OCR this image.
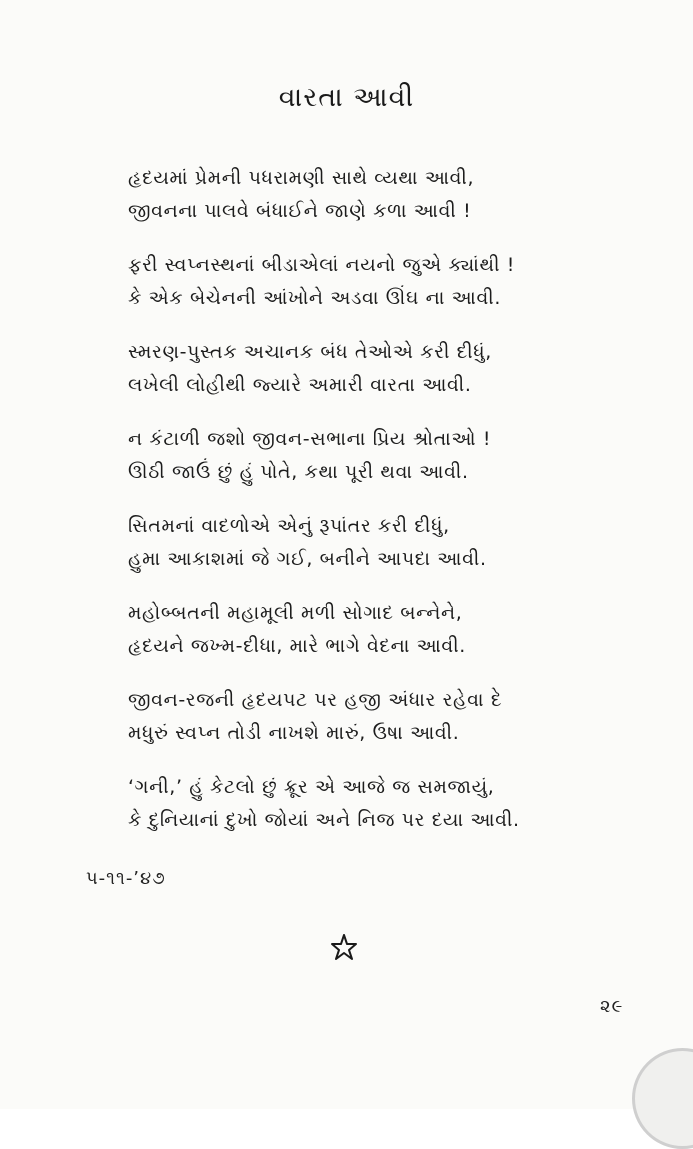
વારતા આવી
હૃદયમાં પ્રેમની પધરામણી સાથે વ્યથા આવી,
જીવનના પાલવે બંધાઈને જાણે કળા આવી !
ફરી સ્વપ્નસ્થનાં બીડાએલાં નયનો જુએ ક્યાંથી !
કે એક બેચેનની આંખોને અડવા ઊંઘ ના આવી.
સ્મરણ-પુસ્તક અચાનક બંધ તેઓએ કરી દીધું,
લખેલી લોહીથી જ્યારે અમારી વારતા આવી.
ન કંટાળી જશો જીવન-સભાના પ્રિય શ્રોતાઓ !
ઊઠી જાઉં છું હું પોતે, કથા પૂરી થવા આવી.
સિતમનાં વાદળોએ એનું રૂપાંતર કરી દીધું,
હુમા આકાશમાં જે ગઈ, બનીને આપદા આવી.
મહોબ્બતની મહામૂલી મળી સોગાદ બન્નેને,
હૃદયને જખ્મ-દીધા, મારે ભાગે વેદના આવી.
જીવન-રજની હૃદયપટ પર હજી અંધાર રહેવા દે
મધુરું સ્વપ્ન તોડી નાખશે મારું, ઉષા આવી.
‘ગની,’ હું કેટલો છું ક્રૂર એ આજે જ સમજાયું,
કે દુનિયાનાં દુખો જોયાં અને નિજ પર દયા આવી.
પ-૧૧-’૪૭
૨૯
